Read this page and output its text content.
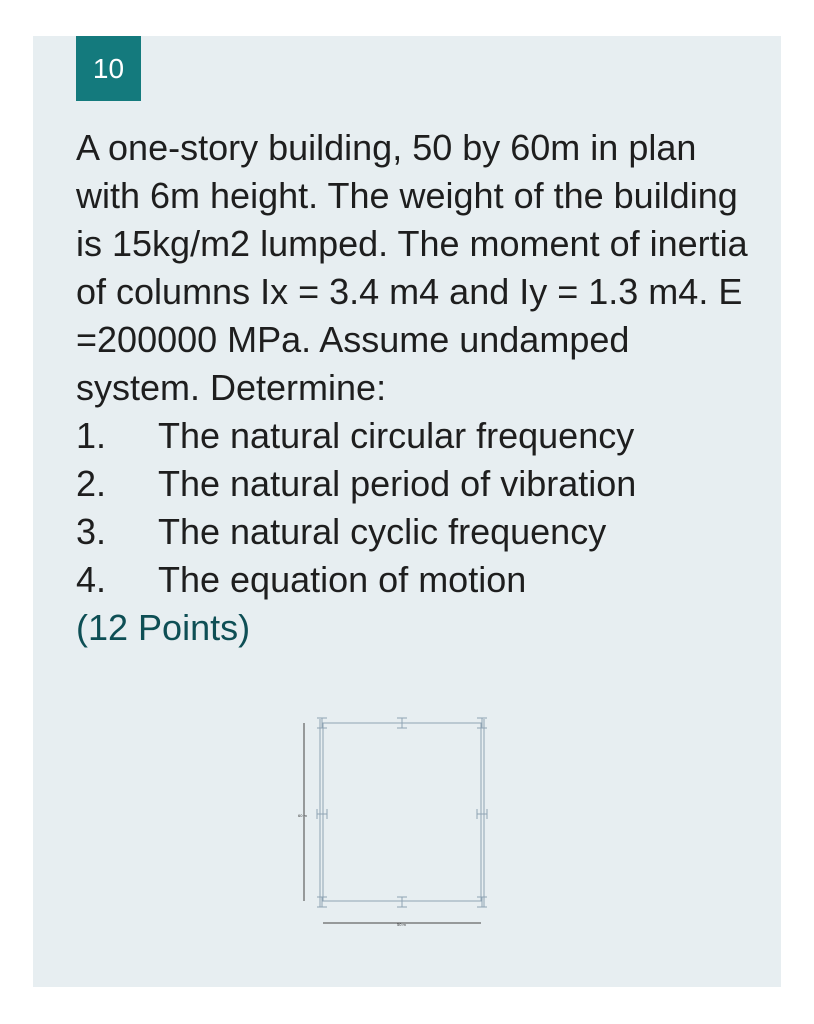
10

A one-story building, 50 by 60m in plan with 6m height. The weight of the building is 15kg/m2 lumped. The moment of inertia of columns Ix = 3.4 m4 and Iy = 1.3 m4. E =200000 MPa. Assume undamped system. Determine:

1.	The natural circular frequency
2.	The natural period of vibration
3.	The natural cyclic frequency
4.	The equation of motion

(12 Points)

60 m
50 m
